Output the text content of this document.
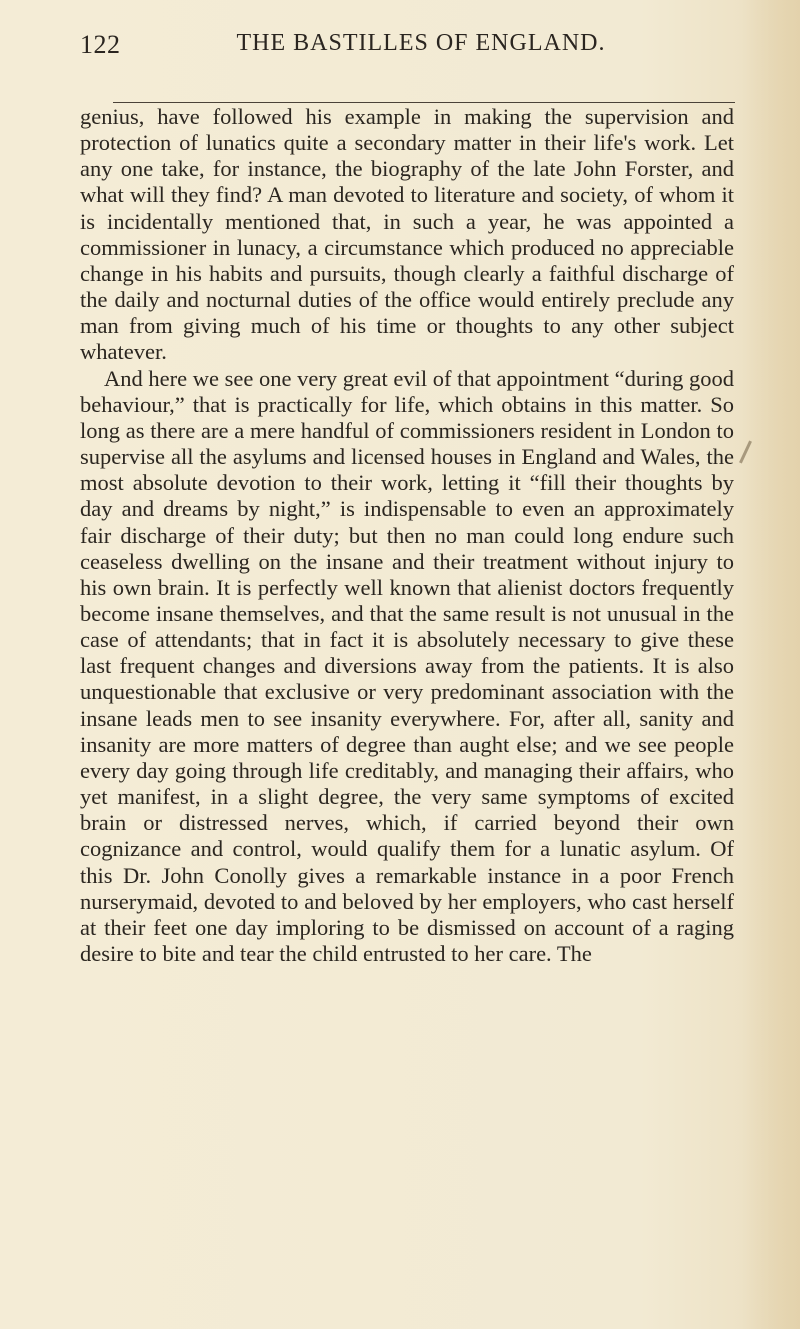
122	THE BASTILLES OF ENGLAND.

genius, have followed his example in making the supervision and protection of lunatics quite a secondary matter in their life's work. Let any one take, for instance, the biography of the late John Forster, and what will they find? A man devoted to literature and society, of whom it is incidentally mentioned that, in such a year, he was appointed a commissioner in lunacy, a circumstance which produced no appreciable change in his habits and pursuits, though clearly a faithful discharge of the daily and nocturnal duties of the office would entirely preclude any man from giving much of his time or thoughts to any other subject whatever.

And here we see one very great evil of that appointment “during good behaviour,” that is practically for life, which obtains in this matter. So long as there are a mere handful of commissioners resident in London to supervise all the asylums and licensed houses in England and Wales, the most absolute devotion to their work, letting it “fill their thoughts by day and dreams by night,” is indispensable to even an approximately fair discharge of their duty; but then no man could long endure such ceaseless dwelling on the insane and their treatment without injury to his own brain. It is perfectly well known that alienist doctors frequently become insane themselves, and that the same result is not unusual in the case of attendants; that in fact it is absolutely necessary to give these last frequent changes and diversions away from the patients. It is also unquestionable that exclusive or very predominant association with the insane leads men to see insanity everywhere. For, after all, sanity and insanity are more matters of degree than aught else; and we see people every day going through life creditably, and managing their affairs, who yet manifest, in a slight degree, the very same symptoms of excited brain or distressed nerves, which, if carried beyond their own cognizance and control, would qualify them for a lunatic asylum. Of this Dr. John Conolly gives a remarkable instance in a poor French nurserymaid, devoted to and beloved by her employers, who cast herself at their feet one day imploring to be dismissed on account of a raging desire to bite and tear the child entrusted to her care. The
